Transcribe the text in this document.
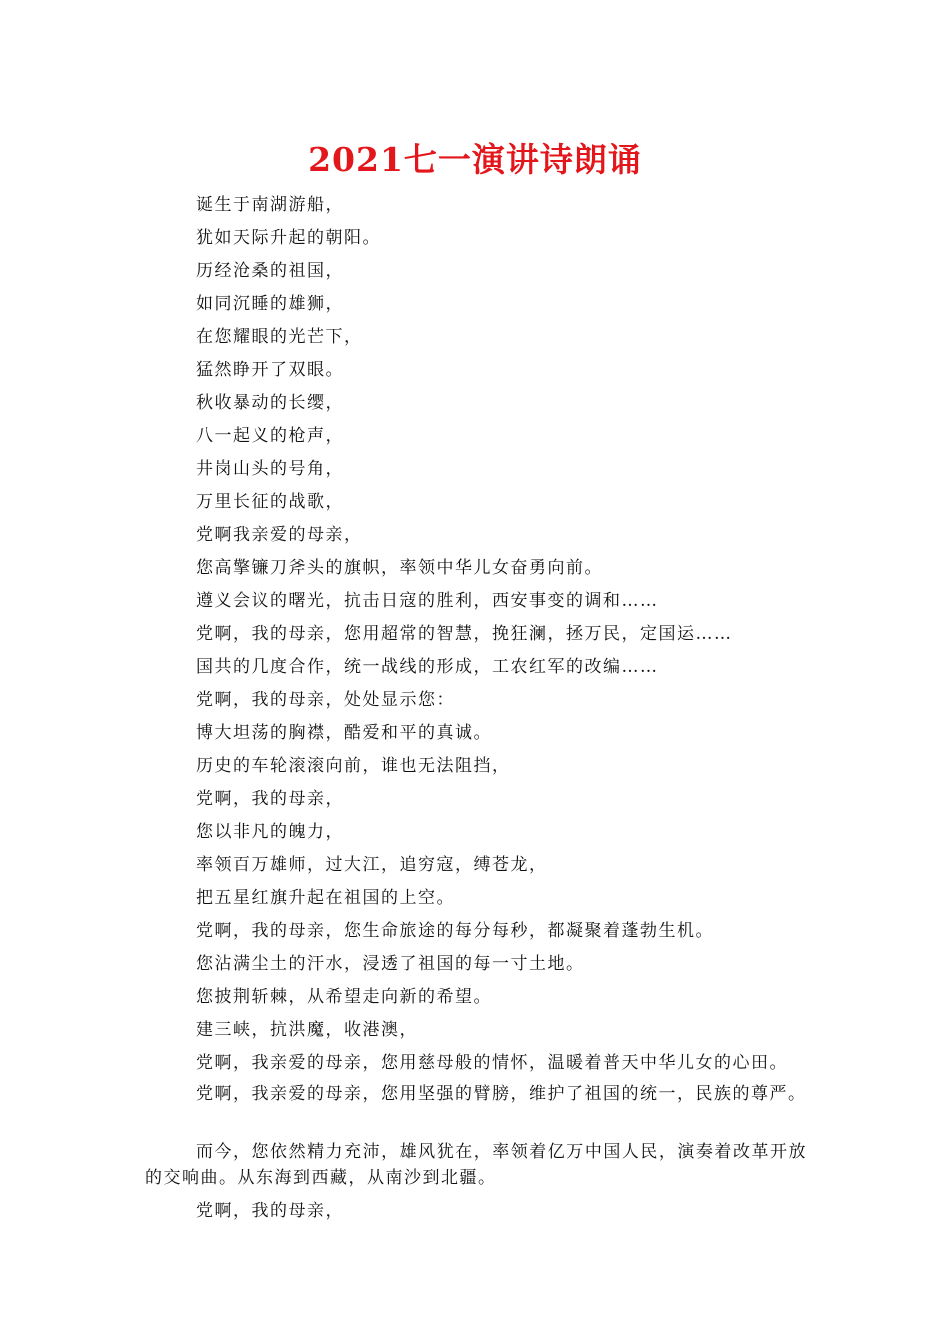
2021七一演讲诗朗诵
诞生于南湖游船，
犹如天际升起的朝阳。
历经沧桑的祖国，
如同沉睡的雄狮，
在您耀眼的光芒下，
猛然睁开了双眼。
秋收暴动的长缨，
八一起义的枪声，
井岗山头的号角，
万里长征的战歌，
党啊我亲爱的母亲，
您高擎镰刀斧头的旗帜，率领中华儿女奋勇向前。
遵义会议的曙光，抗击日寇的胜利，西安事变的调和……
党啊，我的母亲，您用超常的智慧，挽狂澜，拯万民，定国运……
国共的几度合作，统一战线的形成，工农红军的改编……
党啊，我的母亲，处处显示您：
博大坦荡的胸襟，酷爱和平的真诚。
历史的车轮滚滚向前，谁也无法阻挡，
党啊，我的母亲，
您以非凡的魄力，
率领百万雄师，过大江，追穷寇，缚苍龙，
把五星红旗升起在祖国的上空。
党啊，我的母亲，您生命旅途的每分每秒，都凝聚着蓬勃生机。
您沾满尘土的汗水，浸透了祖国的每一寸土地。
您披荆斩棘，从希望走向新的希望。
建三峡，抗洪魔，收港澳，
党啊，我亲爱的母亲，您用慈母般的情怀，温暖着普天中华儿女的心田。
党啊，我亲爱的母亲，您用坚强的臂膀，维护了祖国的统一，民族的尊严。
而今，您依然精力充沛，雄风犹在，率领着亿万中国人民，演奏着改革开放的交响曲。从东海到西藏，从南沙到北疆。
党啊，我的母亲，
